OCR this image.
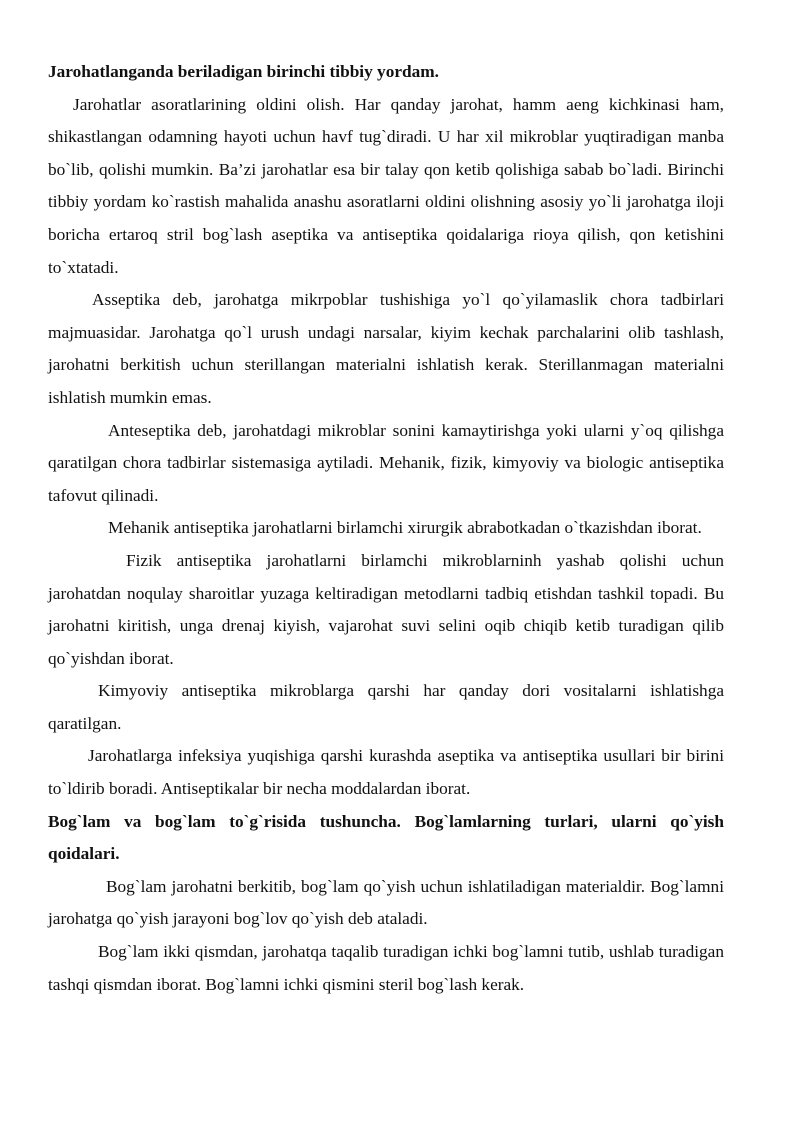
Jarohatlanganda beriladigan birinchi tibbiy yordam.

Jarohatlar asoratlarining oldini olish. Har qanday jarohat, hamm aeng kichkinasi ham, shikastlangan odamning hayoti uchun havf tug`diradi. U har xil mikroblar yuqtiradigan manba bo`lib, qolishi mumkin. Ba’zi jarohatlar esa bir talay qon ketib qolishiga sabab bo`ladi. Birinchi tibbiy yordam ko`rastish mahalida anashu asoratlarni oldini olishning asosiy yo`li jarohatga iloji boricha ertaroq stril bog`lash aseptika va antiseptika qoidalariga rioya qilish, qon ketishini to`xtatadi.

Asseptika deb, jarohatga mikrpoblar tushishiga yo`l qo`yilamaslik chora tadbirlari majmuasidar. Jarohatga qo`l urush undagi narsalar, kiyim kechak parchalarini olib tashlash, jarohatni berkitish uchun sterillangan materialni ishlatish kerak. Sterillanmagan materialni ishlatish mumkin emas.

Anteseptika deb, jarohatdagi mikroblar sonini kamaytirishga yoki ularni y`oq qilishga qaratilgan chora tadbirlar sistemasiga aytiladi. Mehanik, fizik, kimyoviy va biologic antiseptika tafovut qilinadi.

Mehanik antiseptika jarohatlarni birlamchi xirurgik abrabotkadan o`tkazishdan iborat.

Fizik antiseptika jarohatlarni birlamchi mikroblarninh yashab qolishi uchun jarohatdan noqulay sharoitlar yuzaga keltiradigan metodlarni tadbiq etishdan tashkil topadi. Bu jarohatni kiritish, unga drenaj kiyish, vajarohat suvi selini oqib chiqib ketib turadigan qilib qo`yishdan iborat.

Kimyoviy antiseptika mikroblarga qarshi har qanday dori vositalarni ishlatishga qaratilgan.

Jarohatlarga infeksiya yuqishiga qarshi kurashda aseptika va antiseptika usullari bir birini to`ldirib boradi. Antiseptikalar bir necha moddalardan iborat.

Bog`lam va bog`lam to`g`risida tushuncha. Bog`lamlarning turlari, ularni qo`yish qoidalari.

Bog`lam jarohatni berkitib, bog`lam qo`yish uchun ishlatiladigan materialdir. Bog`lamni jarohatga qo`yish jarayoni bog`lov qo`yish deb ataladi.

Bog`lam ikki qismdan, jarohatqa taqalib turadigan ichki bog`lamni tutib, ushlab turadigan tashqi qismdan iborat. Bog`lamni ichki qismini steril bog`lash kerak.
